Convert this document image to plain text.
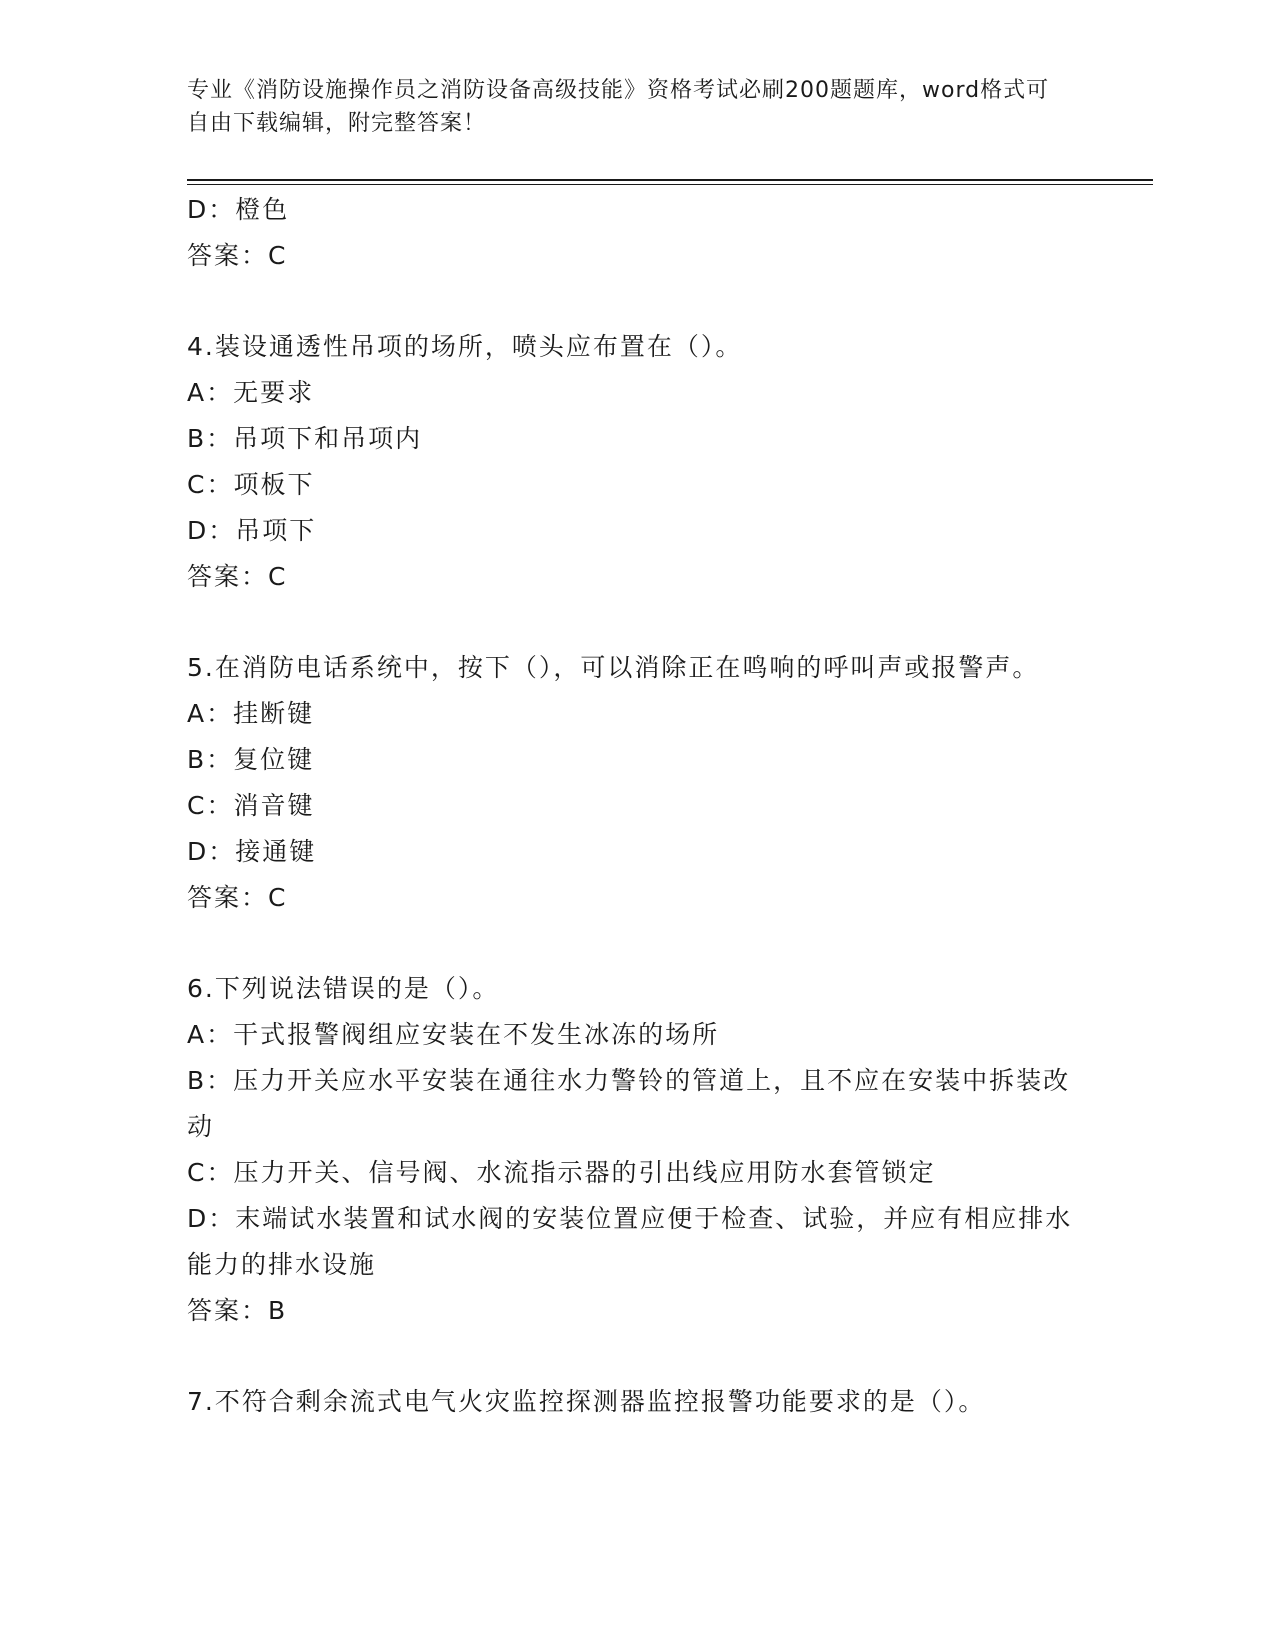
专业《消防设施操作员之消防设备高级技能》资格考试必刷200题题库，word格式可自由下载编辑，附完整答案！
D：橙色
答案：C
4.装设通透性吊项的场所，喷头应布置在（）。
A：无要求
B：吊项下和吊项内
C：项板下
D：吊项下
答案：C
5.在消防电话系统中，按下（），可以消除正在鸣响的呼叫声或报警声。
A：挂断键
B：复位键
C：消音键
D：接通键
答案：C
6.下列说法错误的是（）。
A：干式报警阀组应安装在不发生冰冻的场所
B：压力开关应水平安装在通往水力警铃的管道上，且不应在安装中拆装改动
C：压力开关、信号阀、水流指示器的引出线应用防水套管锁定
D：末端试水装置和试水阀的安装位置应便于检查、试验，并应有相应排水能力的排水设施
答案：B
7.不符合剩余流式电气火灾监控探测器监控报警功能要求的是（）。
